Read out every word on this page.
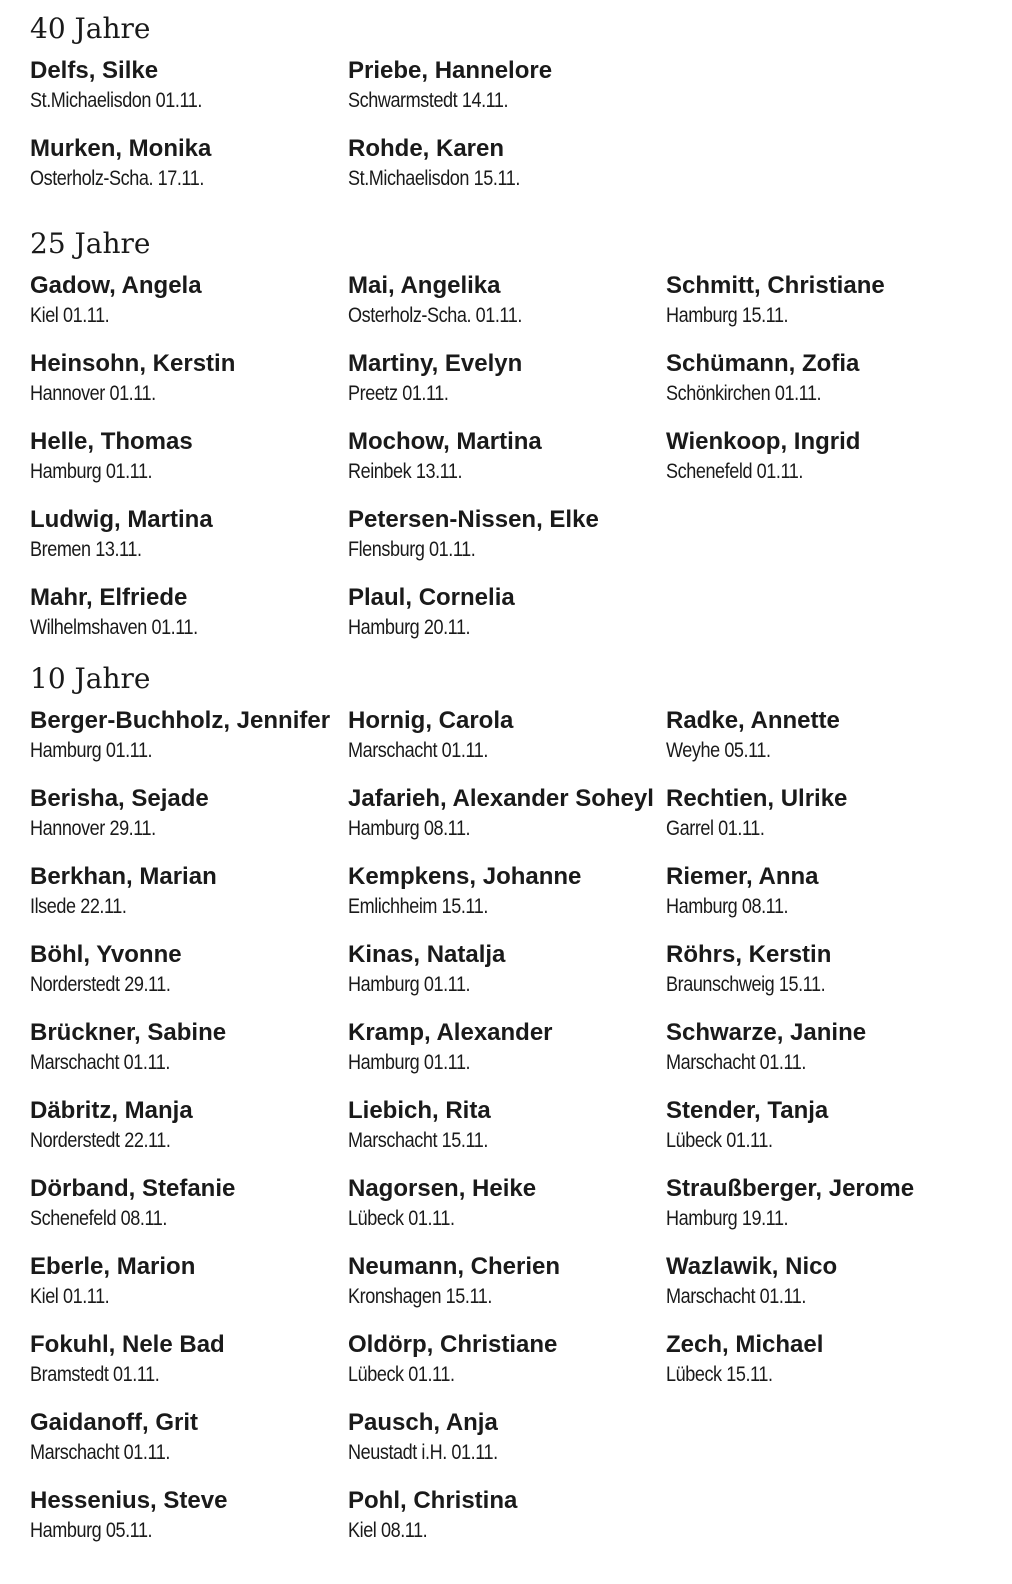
40 Jahre
Delfs, Silke
St.Michaelisdon 01.11.
Murken, Monika
Osterholz-Scha. 17.11.
Priebe, Hannelore
Schwarmstedt 14.11.
Rohde, Karen
St.Michaelisdon 15.11.
25 Jahre
Gadow, Angela
Kiel 01.11.
Heinsohn, Kerstin
Hannover 01.11.
Helle, Thomas
Hamburg 01.11.
Ludwig, Martina
Bremen 13.11.
Mahr, Elfriede
Wilhelmshaven 01.11.
Mai, Angelika
Osterholz-Scha. 01.11.
Martiny, Evelyn
Preetz 01.11.
Mochow, Martina
Reinbek 13.11.
Petersen-Nissen, Elke
Flensburg 01.11.
Plaul, Cornelia
Hamburg 20.11.
Schmitt, Christiane
Hamburg 15.11.
Schümann, Zofia
Schönkirchen 01.11.
Wienkoop, Ingrid
Schenefeld 01.11.
10 Jahre
Berger-Buchholz, Jennifer
Hamburg 01.11.
Berisha, Sejade
Hannover 29.11.
Berkhan, Marian
Ilsede 22.11.
Böhl, Yvonne
Norderstedt 29.11.
Brückner, Sabine
Marschacht 01.11.
Däbritz, Manja
Norderstedt 22.11.
Dörband, Stefanie
Schenefeld 08.11.
Eberle, Marion
Kiel 01.11.
Fokuhl, Nele Bad
Bramstedt 01.11.
Gaidanoff, Grit
Marschacht 01.11.
Hessenius, Steve
Hamburg 05.11.
Hornig, Carola
Marschacht 01.11.
Jafarieh, Alexander Soheyl
Hamburg 08.11.
Kempkens, Johanne
Emlichheim 15.11.
Kinas, Natalja
Hamburg 01.11.
Kramp, Alexander
Hamburg 01.11.
Liebich, Rita
Marschacht 15.11.
Nagorsen, Heike
Lübeck 01.11.
Neumann, Cherien
Kronshagen 15.11.
Oldörp, Christiane
Lübeck 01.11.
Pausch, Anja
Neustadt i.H. 01.11.
Pohl, Christina
Kiel 08.11.
Radke, Annette
Weyhe 05.11.
Rechtien, Ulrike
Garrel 01.11.
Riemer, Anna
Hamburg 08.11.
Röhrs, Kerstin
Braunschweig 15.11.
Schwarze, Janine
Marschacht 01.11.
Stender, Tanja
Lübeck 01.11.
Straußberger, Jerome
Hamburg 19.11.
Wazlawik, Nico
Marschacht 01.11.
Zech, Michael
Lübeck 15.11.
